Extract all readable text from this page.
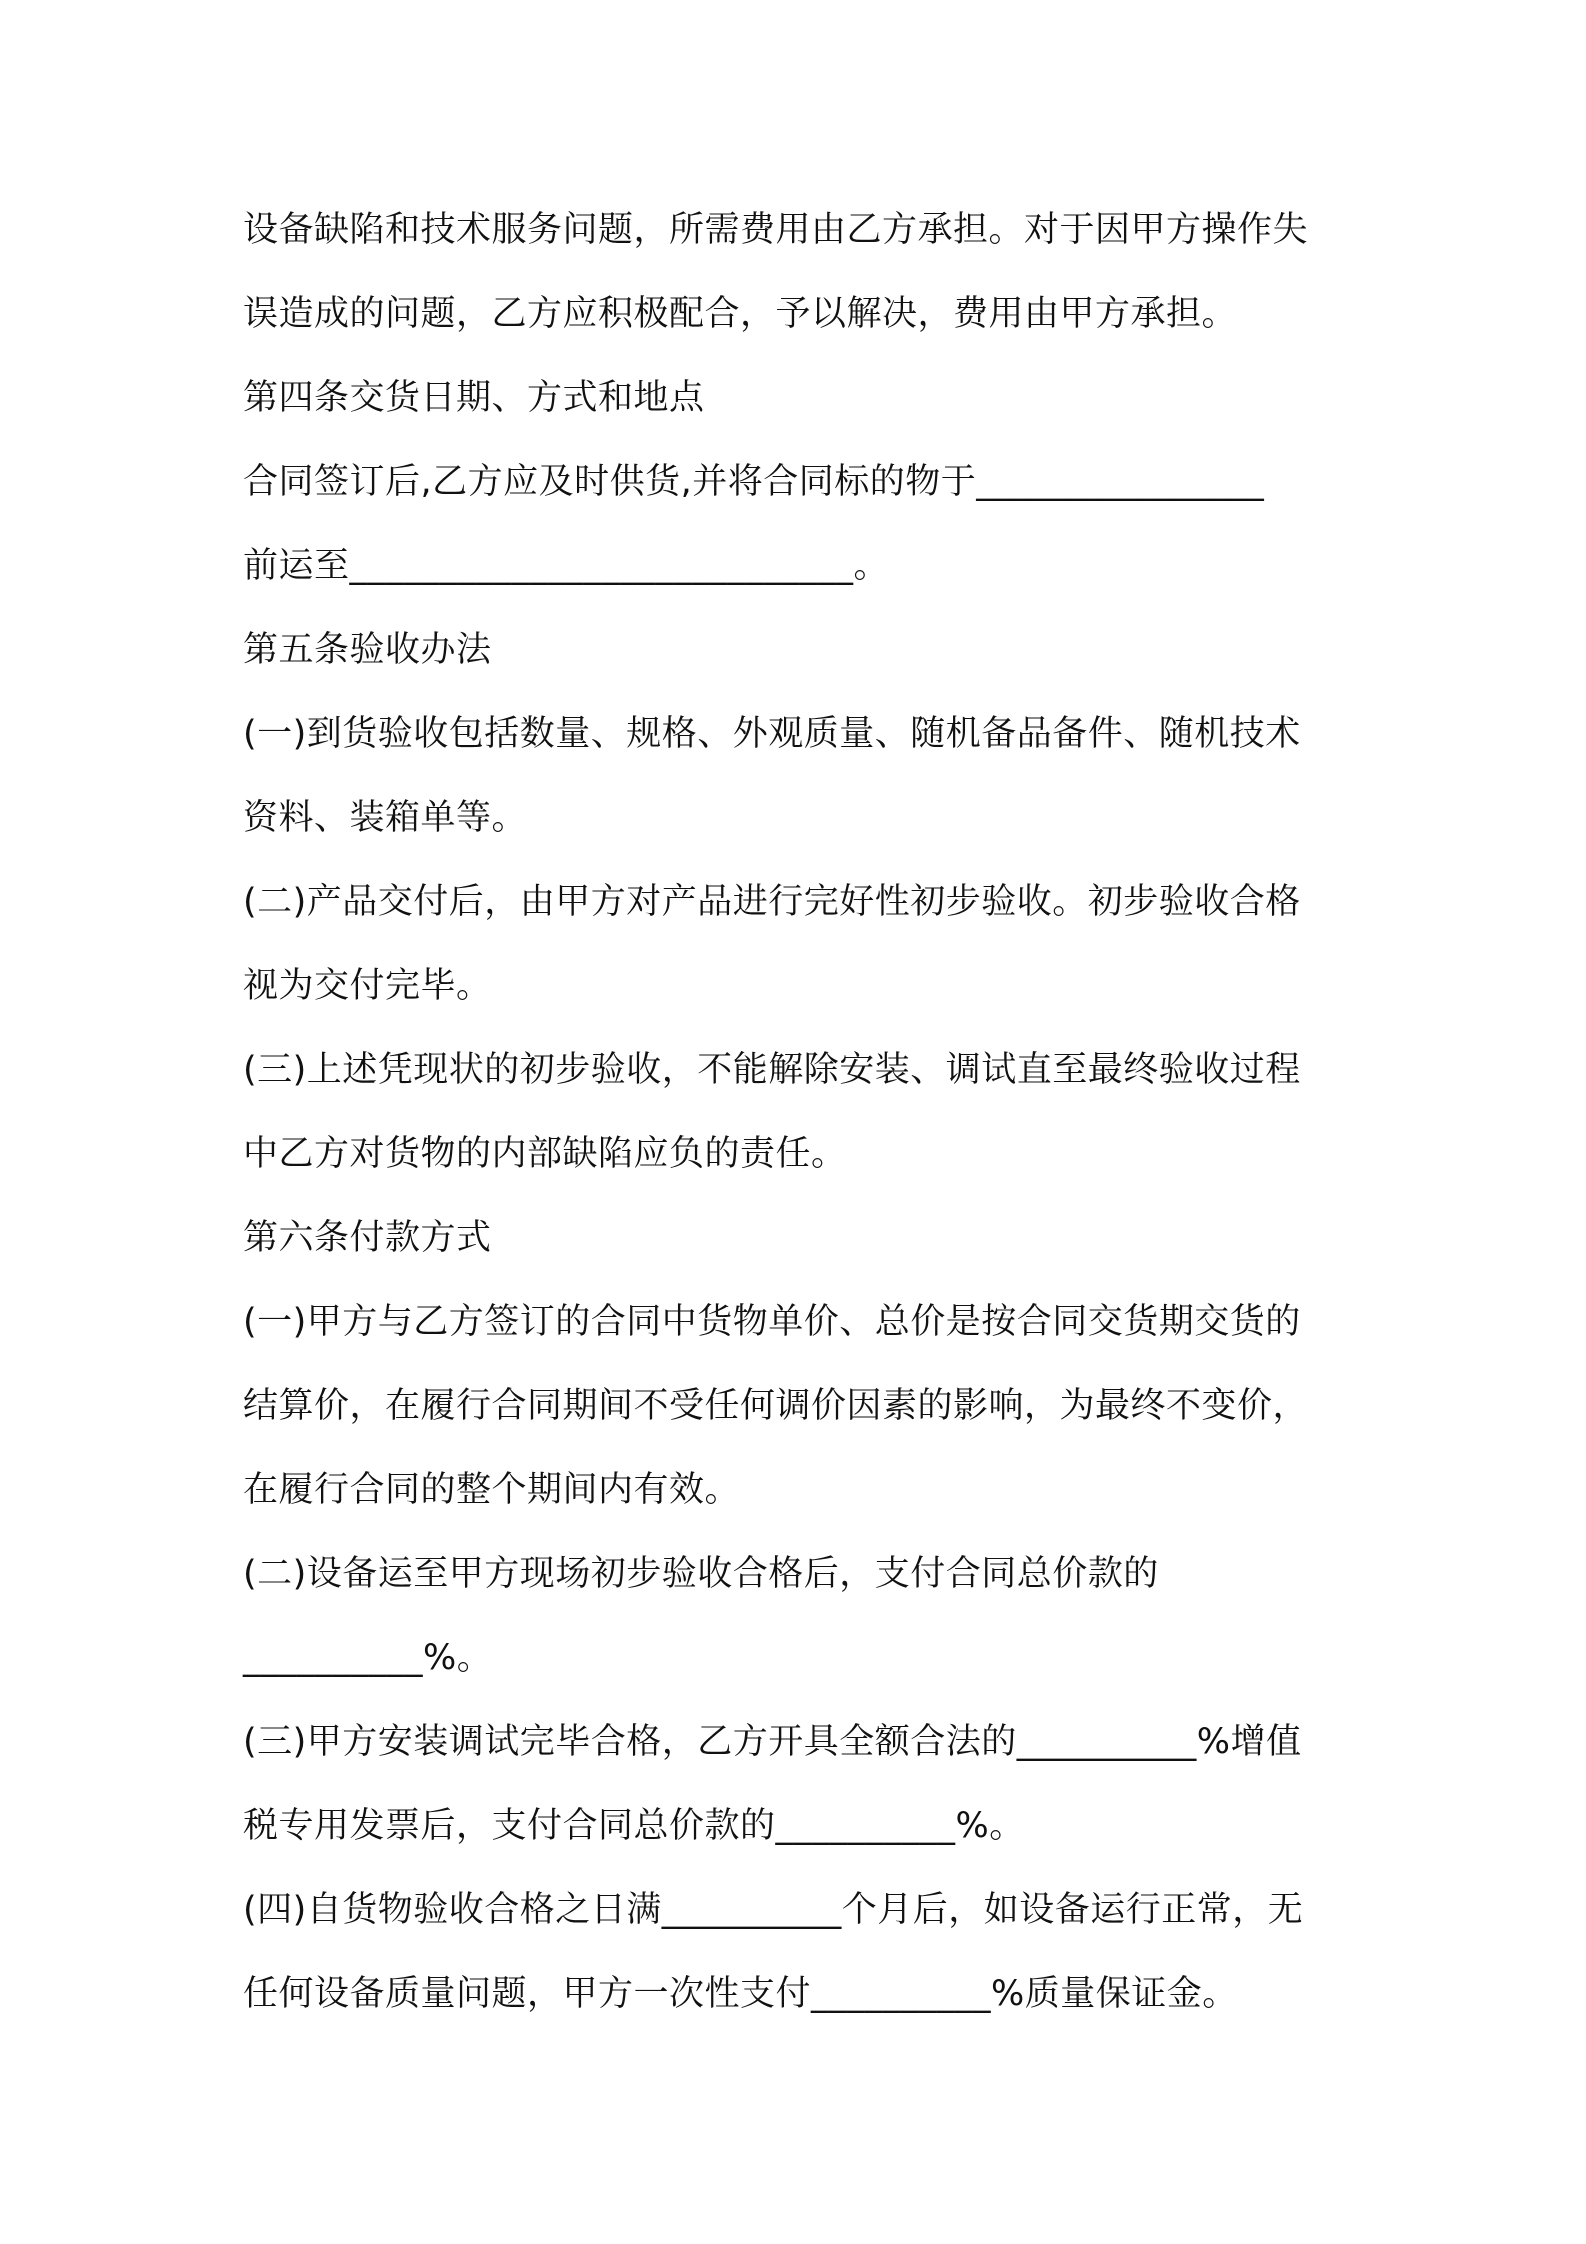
设备缺陷和技术服务问题，所需费用由乙方承担。对于因甲方操作失
误造成的问题，乙方应积极配合，予以解决，费用由甲方承担。
第四条交货日期、方式和地点
合同签订后,乙方应及时供货,并将合同标的物于________________
前运至____________________________。
第五条验收办法
(一)到货验收包括数量、规格、外观质量、随机备品备件、随机技术
资料、装箱单等。
(二)产品交付后，由甲方对产品进行完好性初步验收。初步验收合格
视为交付完毕。
(三)上述凭现状的初步验收，不能解除安装、调试直至最终验收过程
中乙方对货物的内部缺陷应负的责任。
第六条付款方式
(一)甲方与乙方签订的合同中货物单价、总价是按合同交货期交货的
结算价，在履行合同期间不受任何调价因素的影响，为最终不变价，
在履行合同的整个期间内有效。
(二)设备运至甲方现场初步验收合格后，支付合同总价款的
__________%。
(三)甲方安装调试完毕合格，乙方开具全额合法的__________%增值
税专用发票后，支付合同总价款的__________%。
(四)自货物验收合格之日满__________个月后，如设备运行正常，无
任何设备质量问题，甲方一次性支付__________%质量保证金。
